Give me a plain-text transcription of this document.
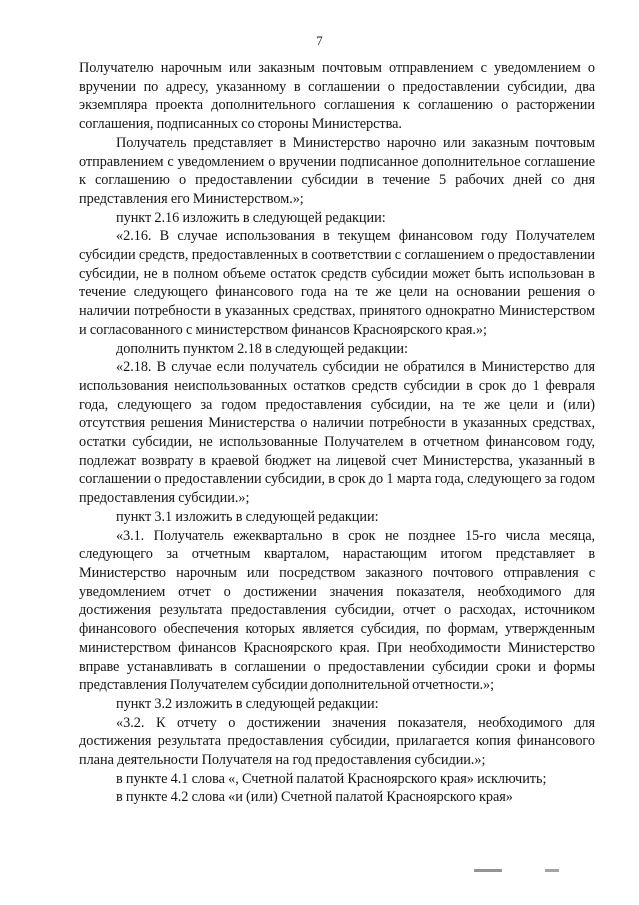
7

Получателю нарочным или заказным почтовым отправлением с уведомлением о вручении по адресу, указанному в соглашении о предоставлении субсидии, два экземпляра проекта дополнительного соглашения к соглашению о расторжении соглашения, подписанных со стороны Министерства.

Получатель представляет в Министерство нарочно или заказным почтовым отправлением с уведомлением о вручении подписанное дополнительное соглашение к соглашению о предоставлении субсидии в течение 5 рабочих дней со дня представления его Министерством.»;

пункт 2.16 изложить в следующей редакции:

«2.16. В случае использования в текущем финансовом году Получателем субсидии средств, предоставленных в соответствии с соглашением о предоставлении субсидии, не в полном объеме остаток средств субсидии может быть использован в течение следующего финансового года на те же цели на основании решения о наличии потребности в указанных средствах, принятого однократно Министерством и согласованного с министерством финансов Красноярского края.»;

дополнить пунктом 2.18 в следующей редакции:

«2.18. В случае если получатель субсидии не обратился в Министерство для использования неиспользованных остатков средств субсидии в срок до 1 февраля года, следующего за годом предоставления субсидии, на те же цели и (или) отсутствия решения Министерства о наличии потребности в указанных средствах, остатки субсидии, не использованные Получателем в отчетном финансовом году, подлежат возврату в краевой бюджет на лицевой счет Министерства, указанный в соглашении о предоставлении субсидии, в срок до 1 марта года, следующего за годом предоставления субсидии.»;

пункт 3.1 изложить в следующей редакции:

«3.1. Получатель ежеквартально в срок не позднее 15-го числа месяца, следующего за отчетным кварталом, нарастающим итогом представляет в Министерство нарочным или посредством заказного почтового отправления с уведомлением отчет о достижении значения показателя, необходимого для достижения результата предоставления субсидии, отчет о расходах, источником финансового обеспечения которых является субсидия, по формам, утвержденным министерством финансов Красноярского края. При необходимости Министерство вправе устанавливать в соглашении о предоставлении субсидии сроки и формы представления Получателем субсидии дополнительной отчетности.»;

пункт 3.2 изложить в следующей редакции:

«3.2. К отчету о достижении значения показателя, необходимого для достижения результата предоставления субсидии, прилагается копия финансового плана деятельности Получателя на год предоставления субсидии.»;

в пункте 4.1 слова «, Счетной палатой Красноярского края» исключить;

в пункте 4.2 слова «и (или) Счетной палатой Красноярского края»
